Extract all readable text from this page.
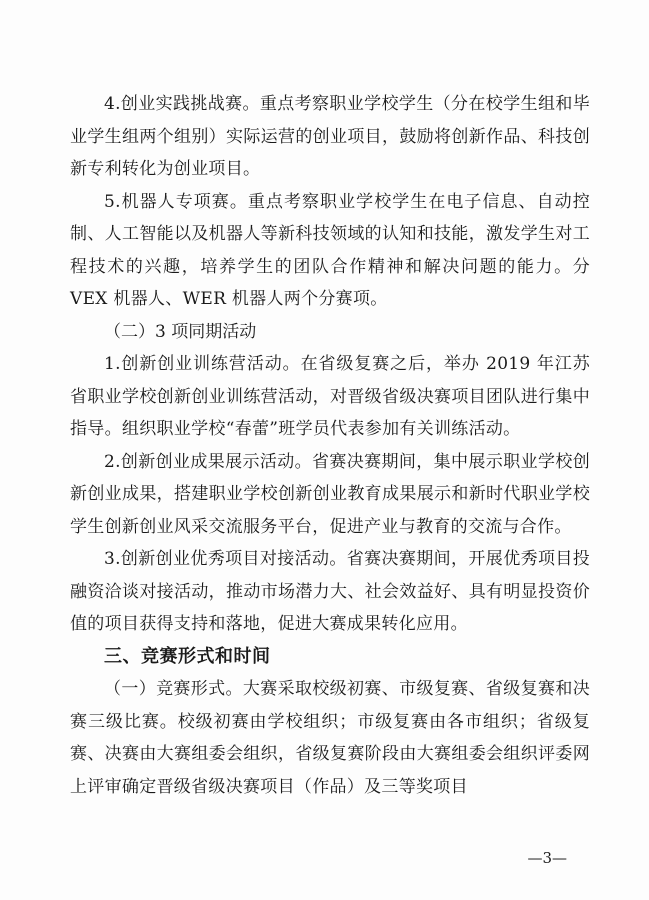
4.创业实践挑战赛。重点考察职业学校学生（分在校学生组和毕业学生组两个组别）实际运营的创业项目，鼓励将创新作品、科技创新专利转化为创业项目。

5.机器人专项赛。重点考察职业学校学生在电子信息、自动控制、人工智能以及机器人等新科技领域的认知和技能，激发学生对工程技术的兴趣，培养学生的团队合作精神和解决问题的能力。分 VEX 机器人、WER 机器人两个分赛项。

（二）3 项同期活动

1.创新创业训练营活动。在省级复赛之后，举办 2019 年江苏省职业学校创新创业训练营活动，对晋级省级决赛项目团队进行集中指导。组织职业学校“春蕾”班学员代表参加有关训练活动。

2.创新创业成果展示活动。省赛决赛期间，集中展示职业学校创新创业成果，搭建职业学校创新创业教育成果展示和新时代职业学校学生创新创业风采交流服务平台，促进产业与教育的交流与合作。

3.创新创业优秀项目对接活动。省赛决赛期间，开展优秀项目投融资洽谈对接活动，推动市场潜力大、社会效益好、具有明显投资价值的项目获得支持和落地，促进大赛成果转化应用。

三、竞赛形式和时间

（一）竞赛形式。大赛采取校级初赛、市级复赛、省级复赛和决赛三级比赛。校级初赛由学校组织；市级复赛由各市组织；省级复赛、决赛由大赛组委会组织，省级复赛阶段由大赛组委会组织评委网上评审确定晋级省级决赛项目（作品）及三等奖项目

—3—
